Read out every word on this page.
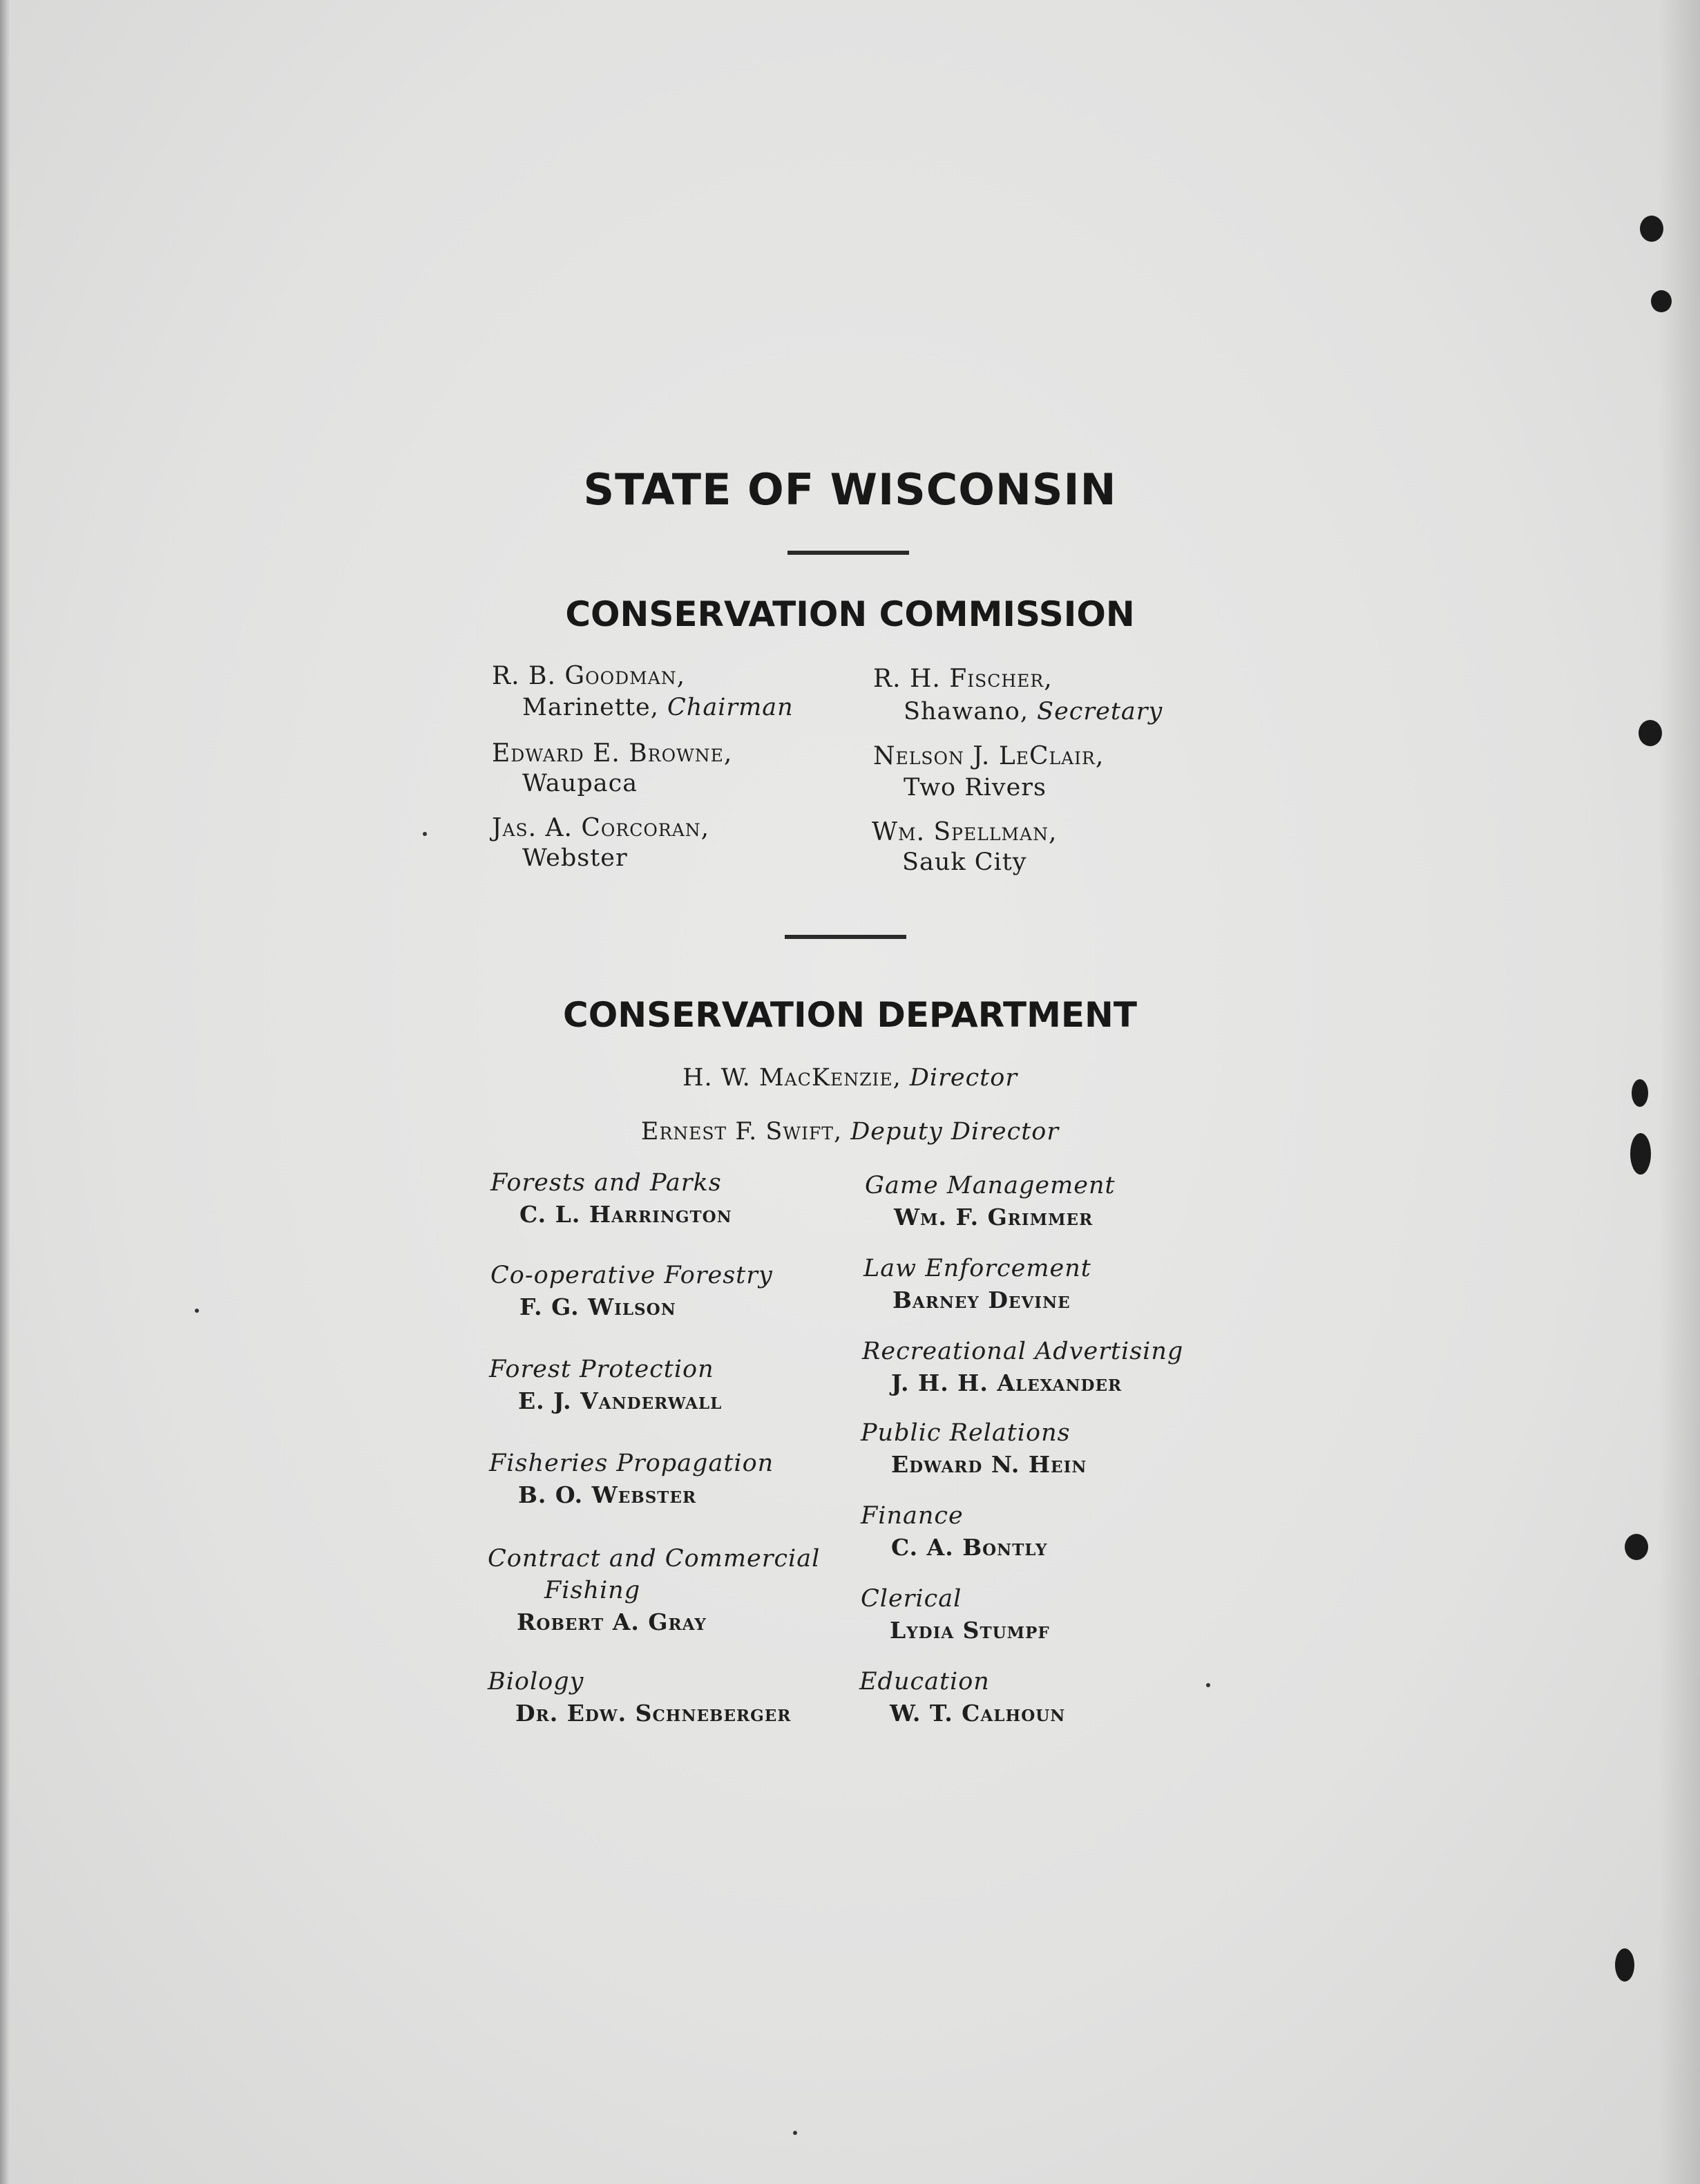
STATE OF WISCONSIN
CONSERVATION COMMISSION

R. B. Goodman,

Marinette, Chairman

Edward E. Browne,

Waupaca

Jas. A. Corcoran,

Webster

R. H. Fischer,

Shawano, Secretary

Nelson J. LeClair,

Two Rivers

Wm. Spellman,

Sauk City

CONSERVATION DEPARTMENT

H. W. MacKenzie, Director

Ernest F. Swift, Deputy Director

Forests and Parks

C. L. Harrington

Co-operative Forestry

F. G. Wilson

Forest Protection

E. J. Vanderwall

Fisheries Propagation

B. O. Webster

Contract and Commercial

Fishing

Robert A. Gray

Biology

Dr. Edw. Schneberger

Game Management

Wm. F. Grimmer

Law Enforcement

Barney Devine

Recreational Advertising

J. H. H. Alexander

Public Relations

Edward N. Hein

Finance

C. A. Bontly

Clerical

Lydia Stumpf

Education

W. T. Calhoun
